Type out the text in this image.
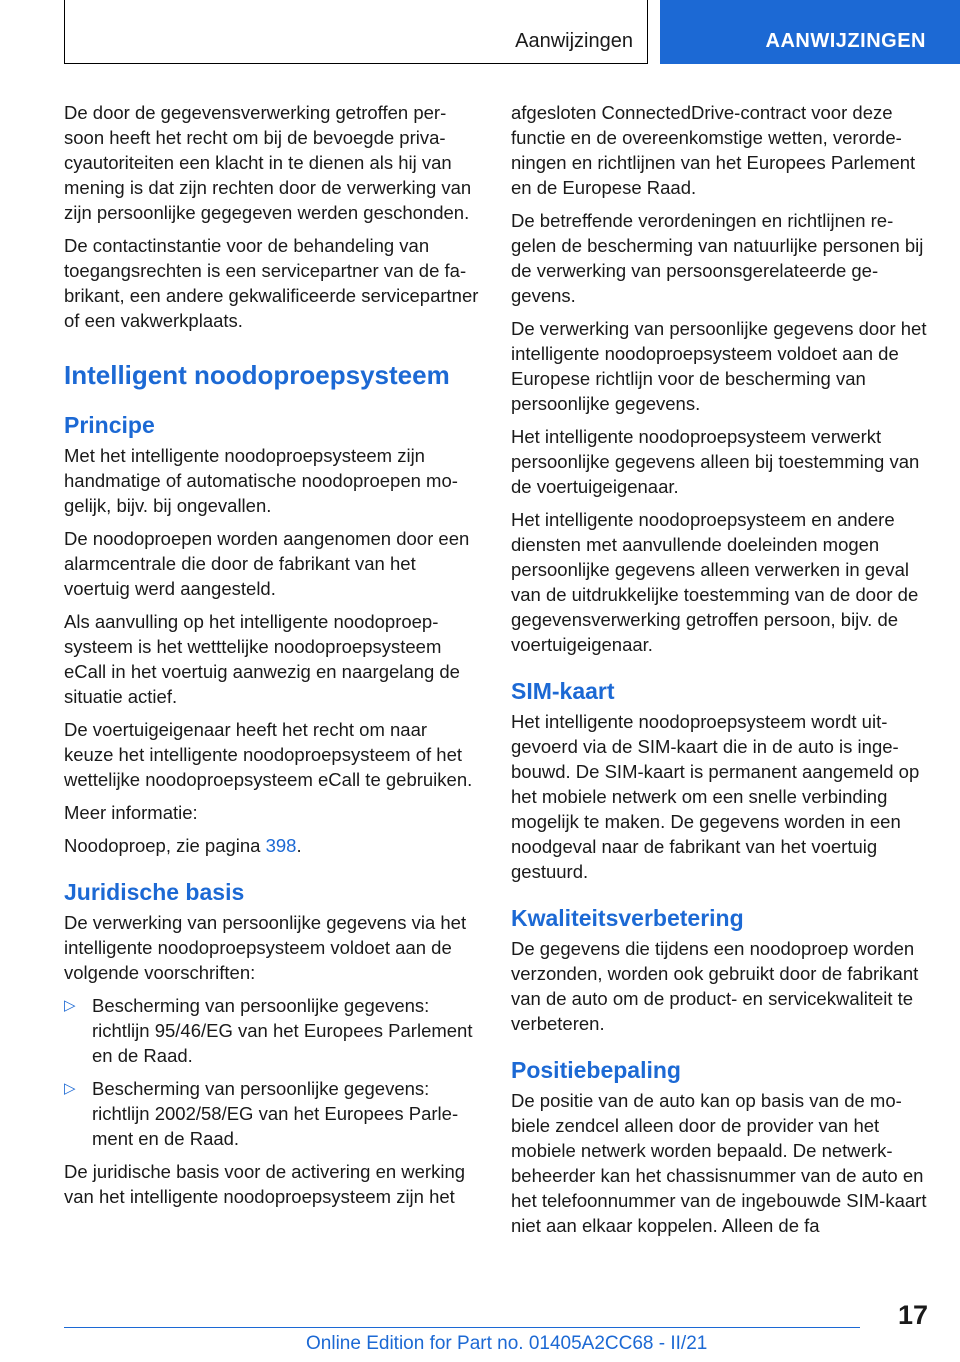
Aanwijzingen	AANWIJZINGEN

De door de gegevensverwerking getroffen persoon heeft het recht om bij de bevoegde privacyautoriteiten een klacht in te dienen als hij van mening is dat zijn rechten door de verwerking van zijn persoonlijke gegegeven werden geschonden.

De contactinstantie voor de behandeling van toegangsrechten is een servicepartner van de fabrikant, een andere gekwalificeerde servicepartner of een vakwerkplaats.

Intelligent noodoproepsysteem
Principe

Met het intelligente noodoproepsysteem zijn handmatige of automatische noodoproepen mogelijk, bijv. bij ongevallen.

De noodoproepen worden aangenomen door een alarmcentrale die door de fabrikant van het voertuig werd aangesteld.

Als aanvulling op het intelligente noodoproepsysteem is het wetttelijke noodoproepsysteem eCall in het voertuig aanwezig en naargelang de situatie actief.

De voertuigeigenaar heeft het recht om naar keuze het intelligente noodoproepsysteem of het wettelijke noodoproepsysteem eCall te gebruiken.

Meer informatie:

Noodoproep, zie pagina 398.

Juridische basis

De verwerking van persoonlijke gegevens via het intelligente noodoproepsysteem voldoet aan de volgende voorschriften:

▷ Bescherming van persoonlijke gegevens: richtlijn 95/46/EG van het Europees Parlement en de Raad.
▷ Bescherming van persoonlijke gegevens: richtlijn 2002/58/EG van het Europees Parlement en de Raad.

De juridische basis voor de activering en werking van het intelligente noodoproepsysteem zijn het

afgesloten ConnectedDrive-contract voor deze functie en de overeenkomstige wetten, verordeningen en richtlijnen van het Europees Parlement en de Europese Raad.

De betreffende verordeningen en richtlijnen regelen de bescherming van natuurlijke personen bij de verwerking van persoonsgerelateerde gegevens.

De verwerking van persoonlijke gegevens door het intelligente noodoproepsysteem voldoet aan de Europese richtlijn voor de bescherming van persoonlijke gegevens.

Het intelligente noodoproepsysteem verwerkt persoonlijke gegevens alleen bij toestemming van de voertuigeigenaar.

Het intelligente noodoproepsysteem en andere diensten met aanvullende doeleinden mogen persoonlijke gegevens alleen verwerken in geval van de uitdrukkelijke toestemming van de door de gegevensverwerking getroffen persoon, bijv. de voertuigeigenaar.

SIM-kaart

Het intelligente noodoproepsysteem wordt uitgevoerd via de SIM-kaart die in de auto is ingebouwd. De SIM-kaart is permanent aangemeld op het mobiele netwerk om een snelle verbinding mogelijk te maken. De gegevens worden in een noodgeval naar de fabrikant van het voertuig gestuurd.

Kwaliteitsverbetering

De gegevens die tijdens een noodoproep worden verzonden, worden ook gebruikt door de fabrikant van de auto om de product- en servicekwaliteit te verbeteren.

Positiebepaling

De positie van de auto kan op basis van de mobiele zendcel alleen door de provider van het mobiele netwerk worden bepaald. De netwerkbeheerder kan het chassisnummer van de auto en het telefoonnummer van de ingebouwde SIM-kaart niet aan elkaar koppelen. Alleen de fa

17
Online Edition for Part no. 01405A2CC68 - II/21
